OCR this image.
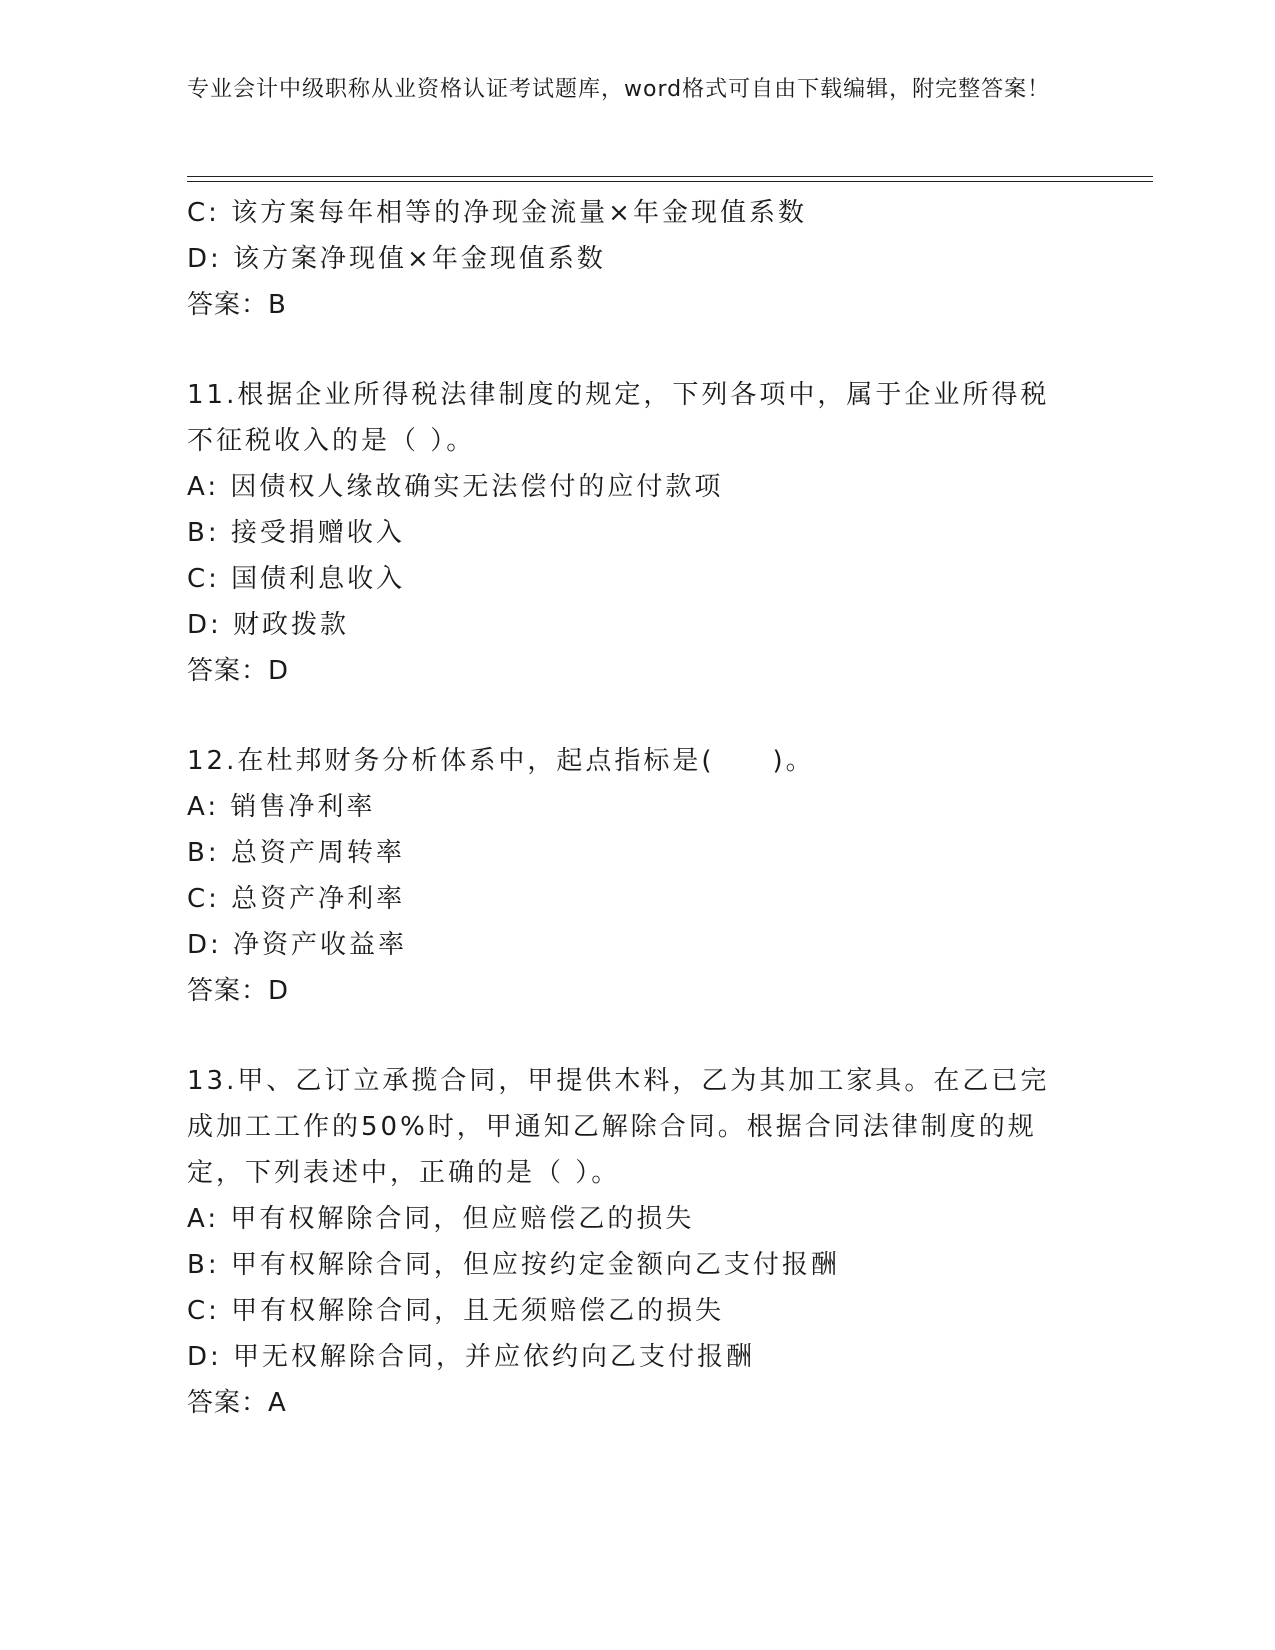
专业会计中级职称从业资格认证考试题库，word格式可自由下载编辑，附完整答案！
C: 该方案每年相等的净现金流量×年金现值系数
D: 该方案净现值×年金现值系数
答案：B
11.根据企业所得税法律制度的规定，下列各项中，属于企业所得税不征税收入的是（ ）。
A: 因债权人缘故确实无法偿付的应付款项
B: 接受捐赠收入
C: 国债利息收入
D: 财政拨款
答案：D
12.在杜邦财务分析体系中，起点指标是(　　)。
A: 销售净利率
B: 总资产周转率
C: 总资产净利率
D: 净资产收益率
答案：D
13.甲、乙订立承揽合同，甲提供木料，乙为其加工家具。在乙已完成加工工作的50%时，甲通知乙解除合同。根据合同法律制度的规定，下列表述中，正确的是（ ）。
A: 甲有权解除合同，但应赔偿乙的损失
B: 甲有权解除合同，但应按约定金额向乙支付报酬
C: 甲有权解除合同，且无须赔偿乙的损失
D: 甲无权解除合同，并应依约向乙支付报酬
答案：A
